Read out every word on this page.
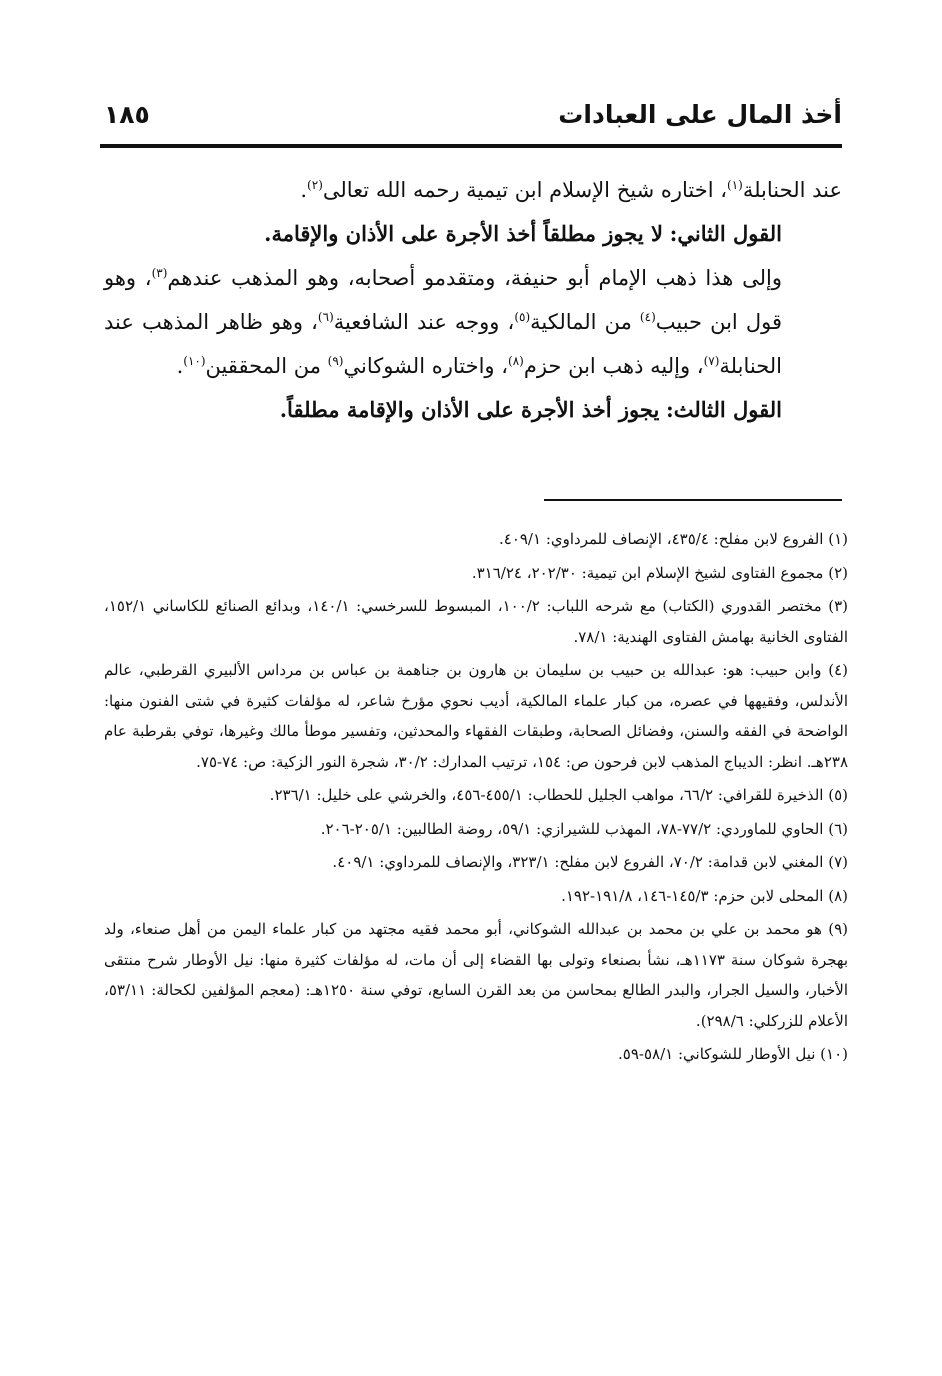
أخذ المال على العبادات
١٨٥

عند الحنابلة$^{(١)}$، اختاره شيخ الإسلام ابن تيمية رحمه الله تعالى$^{(٢)}$.

القول الثاني: لا يجوز مطلقاً أخذ الأجرة على الأذان والإقامة.

وإلى هذا ذهب الإمام أبو حنيفة، ومتقدمو أصحابه، وهو المذهب عندهم$^{(٣)}$، وهو قول ابن حبيب$^{(٤)}$ من المالكية$^{(٥)}$، ووجه عند الشافعية$^{(٦)}$، وهو ظاهر المذهب عند الحنابلة$^{(٧)}$، وإليه ذهب ابن حزم$^{(٨)}$، واختاره الشوكاني$^{(٩)}$ من المحققين$^{(١٠)}$.

القول الثالث: يجوز أخذ الأجرة على الأذان والإقامة مطلقاً.

(١) الفروع لابن مفلح: ٤٣٥/٤، الإنصاف للمرداوي: ٤٠٩/١.

(٢) مجموع الفتاوى لشيخ الإسلام ابن تيمية: ٢٠٢/٣٠، ٣١٦/٢٤.

(٣) مختصر القدوري (الكتاب) مع شرحه اللباب: ١٠٠/٢، المبسوط للسرخسي: ١٤٠/١، وبدائع الصنائع للكاساني ١٥٢/١، الفتاوى الخانية بهامش الفتاوى الهندية: ٧٨/١.

(٤) وابن حبيب: هو: عبدالله بن حبيب بن سليمان بن هارون بن جناهمة بن عباس بن مرداس الألبيري القرطبي، عالم الأندلس، وفقيهها في عصره، من كبار علماء المالكية، أديب نحوي مؤرخ شاعر، له مؤلفات كثيرة في شتى الفنون منها: الواضحة في الفقه والسنن، وفضائل الصحابة، وطبقات الفقهاء والمحدثين، وتفسير موطأ مالك وغيرها، توفي بقرطبة عام ٢٣٨هـ. انظر: الديباج المذهب لابن فرحون ص: ١٥٤، ترتيب المدارك: ٣٠/٢، شجرة النور الزكية: ص: ٧٤-٧٥.

(٥) الذخيرة للقرافي: ٦٦/٢، مواهب الجليل للحطاب: ٤٥٥/١-٤٥٦، والخرشي على خليل: ٢٣٦/١.

(٦) الحاوي للماوردي: ٧٧/٢-٧٨، المهذب للشيرازي: ٥٩/١، روضة الطالبين: ٢٠٥/١-٢٠٦.

(٧) المغني لابن قدامة: ٧٠/٢، الفروع لابن مفلح: ٣٢٣/١، والإنصاف للمرداوي: ٤٠٩/١.

(٨) المحلى لابن حزم: ١٤٥/٣-١٤٦، ١٩١/٨-١٩٢.

(٩) هو محمد بن علي بن محمد بن عبدالله الشوكاني، أبو محمد فقيه مجتهد من كبار علماء اليمن من أهل صنعاء، ولد بهجرة شوكان سنة ١١٧٣هـ، نشأ بصنعاء وتولى بها القضاء إلى أن مات، له مؤلفات كثيرة منها: نيل الأوطار شرح منتقى الأخبار، والسيل الجرار، والبدر الطالع بمحاسن من بعد القرن السابع، توفي سنة ١٢٥٠هـ: (معجم المؤلفين لكحالة: ٥٣/١١، الأعلام للزركلي: ٢٩٨/٦).

(١٠) نيل الأوطار للشوكاني: ٥٨/١-٥٩.
